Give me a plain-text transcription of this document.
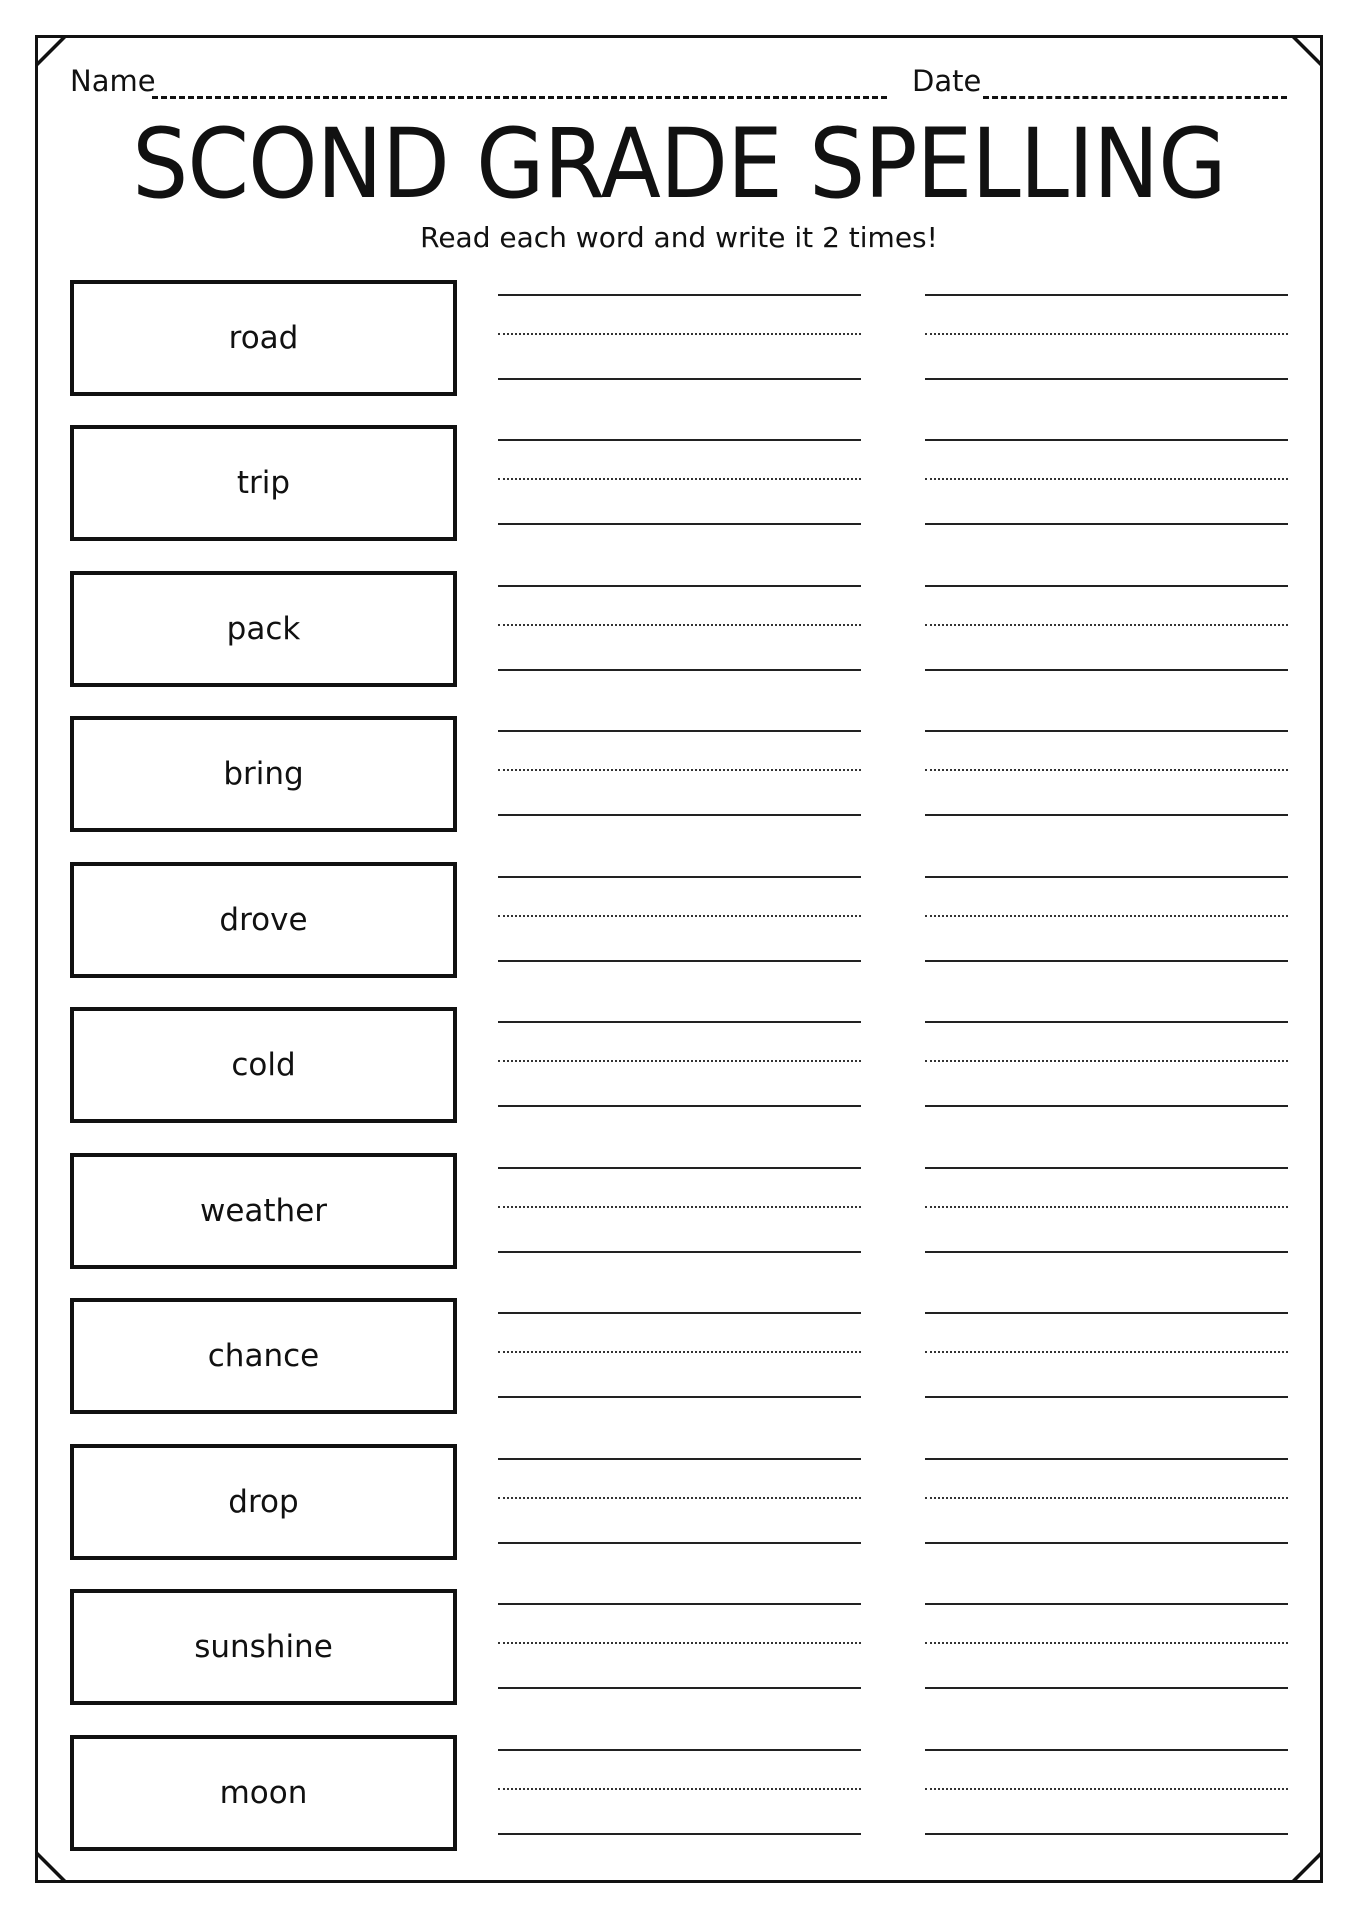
Name	Date
SCOND GRADE SPELLING
Read each word and write it 2 times!
road
trip
pack
bring
drove
cold
weather
chance
drop
sunshine
moon
